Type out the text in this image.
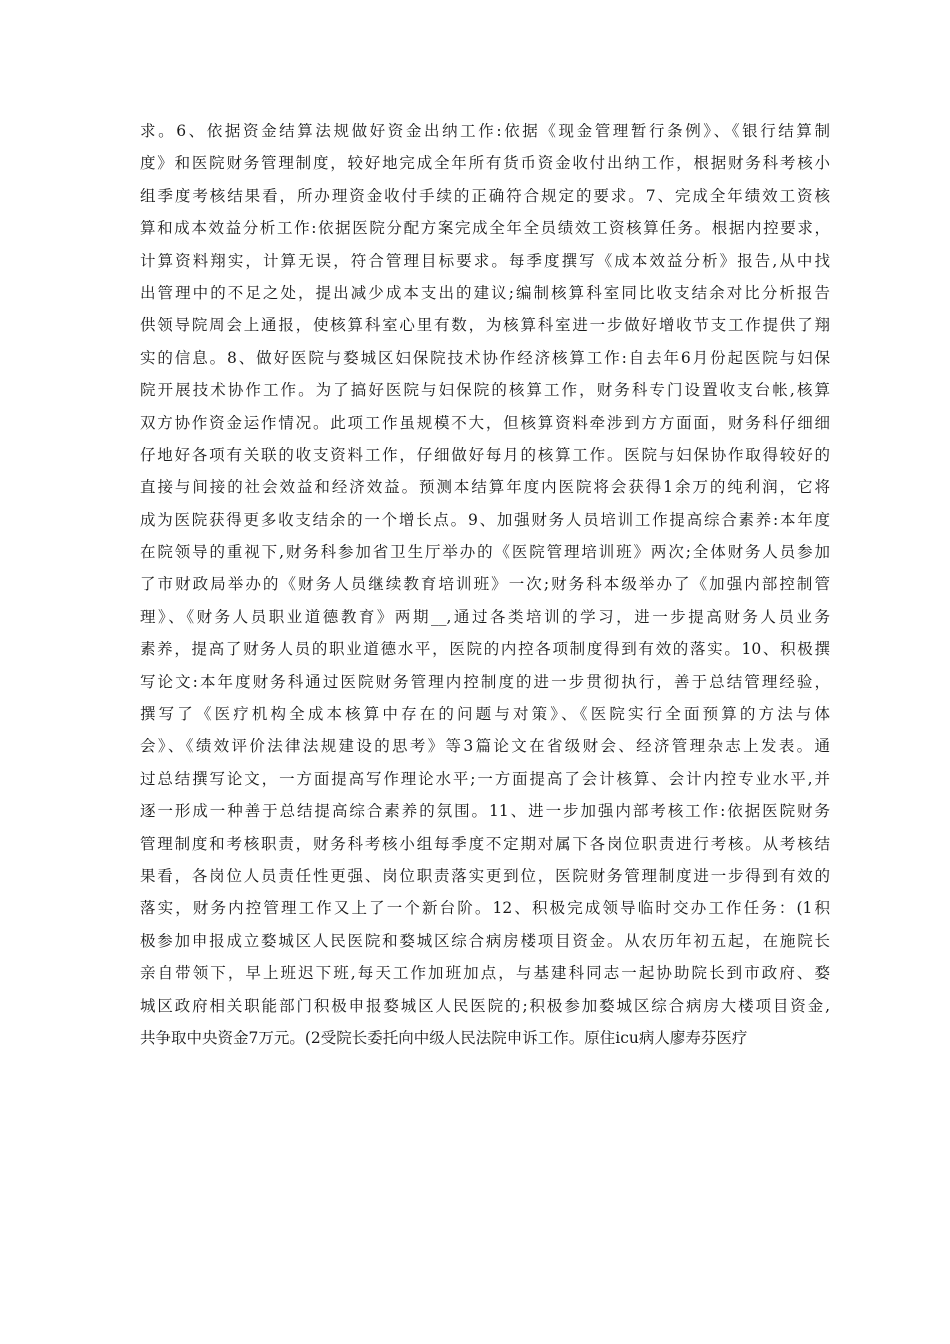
求。6、依据资金结算法规做好资金出纳工作:依据《现金管理暂行条例》、《银行结算制
度》和医院财务管理制度，较好地完成全年所有货币资金收付出纳工作，根据财务科考核小
组季度考核结果看，所办理资金收付手续的正确符合规定的要求。7、完成全年绩效工资核
算和成本效益分析工作:依据医院分配方案完成全年全员绩效工资核算任务。根据内控要求，
计算资料翔实，计算无误，符合管理目标要求。每季度撰写《成本效益分析》报告,从中找
出管理中的不足之处，提出减少成本支出的建议;编制核算科室同比收支结余对比分析报告
供领导院周会上通报，使核算科室心里有数，为核算科室进一步做好增收节支工作提供了翔
实的信息。8、做好医院与婺城区妇保院技术协作经济核算工作:自去年6月份起医院与妇保
院开展技术协作工作。为了搞好医院与妇保院的核算工作，财务科专门设置收支台帐,核算
双方协作资金运作情况。此项工作虽规模不大，但核算资料牵涉到方方面面，财务科仔细细
仔地好各项有关联的收支资料工作，仔细做好每月的核算工作。医院与妇保协作取得较好的
直接与间接的社会效益和经济效益。预测本结算年度内医院将会获得1余万的纯利润，它将
成为医院获得更多收支结余的一个增长点。9、加强财务人员培训工作提高综合素养:本年度
在院领导的重视下,财务科参加省卫生厅举办的《医院管理培训班》两次;全体财务人员参加
了市财政局举办的《财务人员继续教育培训班》一次;财务科本级举办了《加强内部控制管
理》、《财务人员职业道德教育》两期__,通过各类培训的学习，进一步提高财务人员业务
素养，提高了财务人员的职业道德水平，医院的内控各项制度得到有效的落实。10、积极撰
写论文:本年度财务科通过医院财务管理内控制度的进一步贯彻执行，善于总结管理经验，
撰写了《医疗机构全成本核算中存在的问题与对策》、《医院实行全面预算的方法与体
会》、《绩效评价法律法规建设的思考》等3篇论文在省级财会、经济管理杂志上发表。通
过总结撰写论文，一方面提高写作理论水平;一方面提高了会计核算、会计内控专业水平,并
逐一形成一种善于总结提高综合素养的氛围。11、进一步加强内部考核工作:依据医院财务
管理制度和考核职责，财务科考核小组每季度不定期对属下各岗位职责进行考核。从考核结
果看，各岗位人员责任性更强、岗位职责落实更到位，医院财务管理制度进一步得到有效的
落实，财务内控管理工作又上了一个新台阶。12、积极完成领导临时交办工作任务：(1积
极参加申报成立婺城区人民医院和婺城区综合病房楼项目资金。从农历年初五起，在施院长
亲自带领下，早上班迟下班,每天工作加班加点，与基建科同志一起协助院长到市政府、婺
城区政府相关职能部门积极申报婺城区人民医院的;积极参加婺城区综合病房大楼项目资金,
共争取中央资金7万元。(2受院长委托向中级人民法院申诉工作。原住icu病人廖寿芬医疗
